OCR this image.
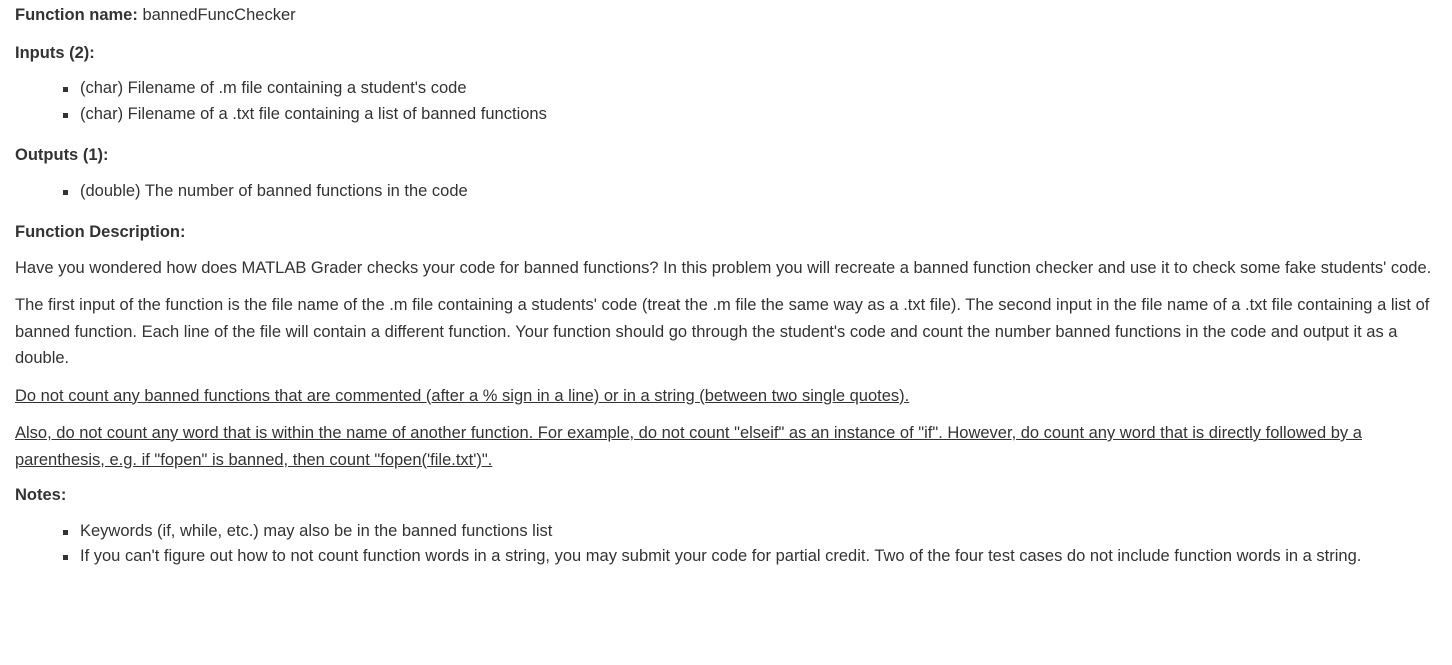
Function name: bannedFuncChecker

Inputs (2):

(char) Filename of .m file containing a student's code
(char) Filename of a .txt file containing a list of banned functions

Outputs (1):

(double) The number of banned functions in the code

Function Description:

Have you wondered how does MATLAB Grader checks your code for banned functions? In this problem you will recreate a banned function checker and use it to check some fake students' code.

The first input of the function is the file name of the .m file containing a students' code (treat the .m file the same way as a .txt file). The second input in the file name of a .txt file containing a list of banned function. Each line of the file will contain a different function. Your function should go through the student's code and count the number banned functions in the code and output it as a double.

Do not count any banned functions that are commented (after a % sign in a line) or in a string (between two single quotes).

Also, do not count any word that is within the name of another function. For example, do not count "elseif" as an instance of "if". However, do count any word that is directly followed by a parenthesis, e.g. if "fopen" is banned, then count "fopen('file.txt')".

Notes:

Keywords (if, while, etc.) may also be in the banned functions list
If you can't figure out how to not count function words in a string, you may submit your code for partial credit. Two of the four test cases do not include function words in a string.
